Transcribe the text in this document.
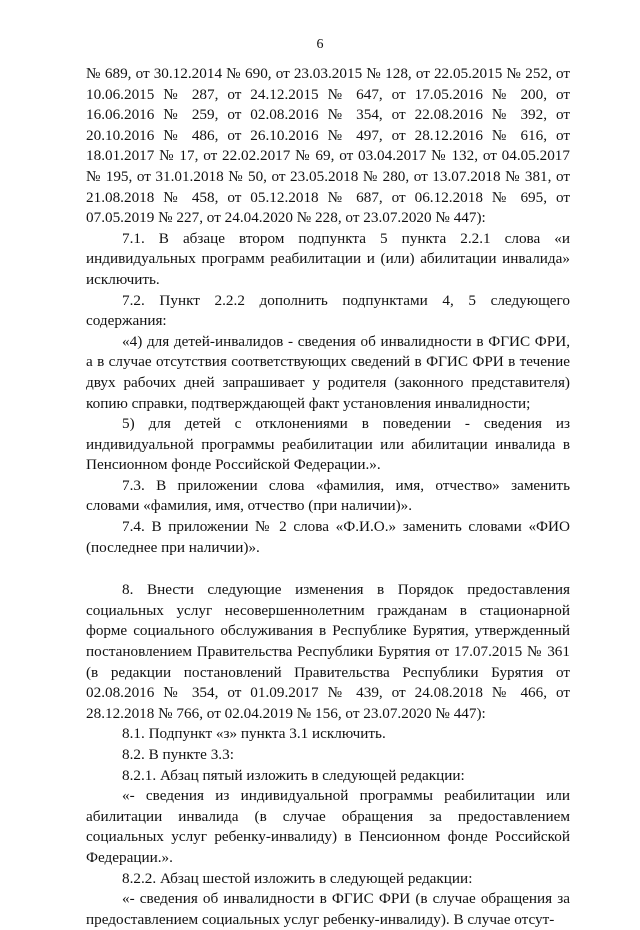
6

№ 689, от 30.12.2014 № 690, от 23.03.2015 № 128, от 22.05.2015 № 252, от 10.06.2015 № 287, от 24.12.2015 № 647, от 17.05.2016 № 200, от 16.06.2016 № 259, от 02.08.2016 № 354, от 22.08.2016 № 392, от 20.10.2016 № 486, от 26.10.2016 № 497, от 28.12.2016 № 616, от 18.01.2017 № 17, от 22.02.2017 № 69, от 03.04.2017 № 132, от 04.05.2017 № 195, от 31.01.2018 № 50, от 23.05.2018 № 280, от 13.07.2018 № 381, от 21.08.2018 № 458, от 05.12.2018 № 687, от 06.12.2018 № 695, от 07.05.2019 № 227, от 24.04.2020 № 228, от 23.07.2020 № 447):

7.1. В абзаце втором подпункта 5 пункта 2.2.1 слова «и индивидуальных программ реабилитации и (или) абилитации инвалида» исключить.

7.2. Пункт 2.2.2 дополнить подпунктами 4, 5 следующего содержания:

«4) для детей-инвалидов - сведения об инвалидности в ФГИС ФРИ, а в случае отсутствия соответствующих сведений в ФГИС ФРИ в течение двух рабочих дней запрашивает у родителя (законного представителя) копию справки, подтверждающей факт установления инвалидности;

5) для детей с отклонениями в поведении - сведения из индивидуальной программы реабилитации или абилитации инвалида в Пенсионном фонде Российской Федерации.».

7.3. В приложении слова «фамилия, имя, отчество» заменить словами «фамилия, имя, отчество (при наличии)».

7.4. В приложении № 2 слова «Ф.И.О.» заменить словами «ФИО (последнее при наличии)».

8. Внести следующие изменения в Порядок предоставления социальных услуг несовершеннолетним гражданам в стационарной форме социального обслуживания в Республике Бурятия, утвержденный постановлением Правительства Республики Бурятия от 17.07.2015 № 361 (в редакции постановлений Правительства Республики Бурятия от 02.08.2016 № 354, от 01.09.2017 № 439, от 24.08.2018 № 466, от 28.12.2018 № 766, от 02.04.2019 № 156, от 23.07.2020 № 447):

8.1. Подпункт «з» пункта 3.1 исключить.

8.2. В пункте 3.3:

8.2.1. Абзац пятый изложить в следующей редакции:

«- сведения из индивидуальной программы реабилитации или абилитации инвалида (в случае обращения за предоставлением социальных услуг ребенку-инвалиду) в Пенсионном фонде Российской Федерации.».

8.2.2. Абзац шестой изложить в следующей редакции:

«- сведения об инвалидности в ФГИС ФРИ (в случае обращения за предоставлением социальных услуг ребенку-инвалиду). В случае отсут-
